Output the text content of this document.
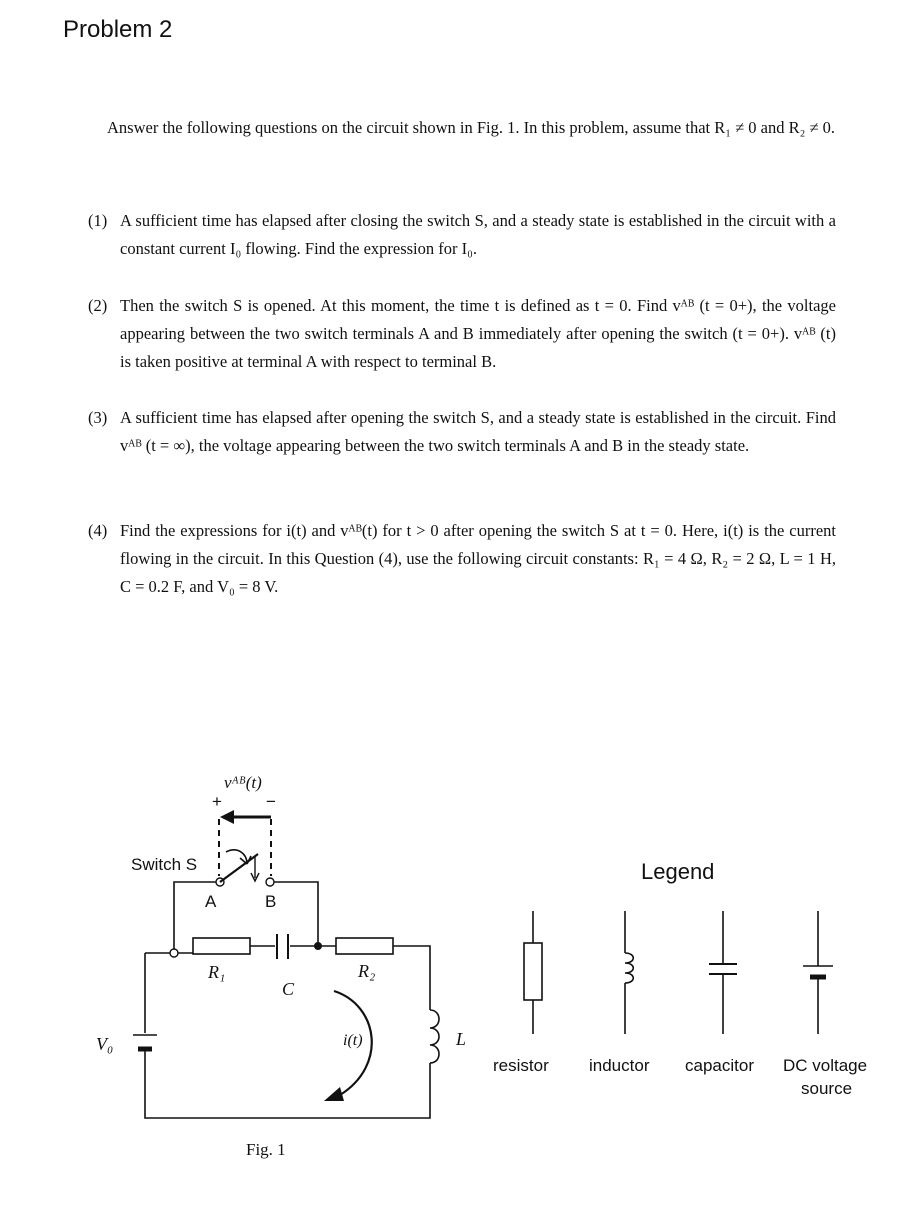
Problem 2
Answer the following questions on the circuit shown in Fig. 1. In this problem, assume that R₁ ≠ 0 and R₂ ≠ 0.
(1) A sufficient time has elapsed after closing the switch S, and a steady state is established in the circuit with a constant current I₀ flowing. Find the expression for I₀.
(2) Then the switch S is opened. At this moment, the time t is defined as t = 0. Find vᴬᴮ (t = 0+), the voltage appearing between the two switch terminals A and B immediately after opening the switch (t = 0+). vᴬᴮ (t) is taken positive at terminal A with respect to terminal B.
(3) A sufficient time has elapsed after opening the switch S, and a steady state is established in the circuit. Find vᴬᴮ (t = ∞), the voltage appearing between the two switch terminals A and B in the steady state.
(4) Find the expressions for i(t) and vᴬᴮ(t) for t > 0 after opening the switch S at t = 0. Here, i(t) is the current flowing in the circuit. In this Question (4), use the following circuit constants: R₁ = 4 Ω, R₂ = 2 Ω, L = 1 H, C = 0.2 F, and V₀ = 8 V.
vᴬᴮ(t)
+	−
Switch S
A	B
R₁
C
R₂
i(t)	L
V₀
Fig. 1
Legend
resistor inductor capacitor DC voltage
source
